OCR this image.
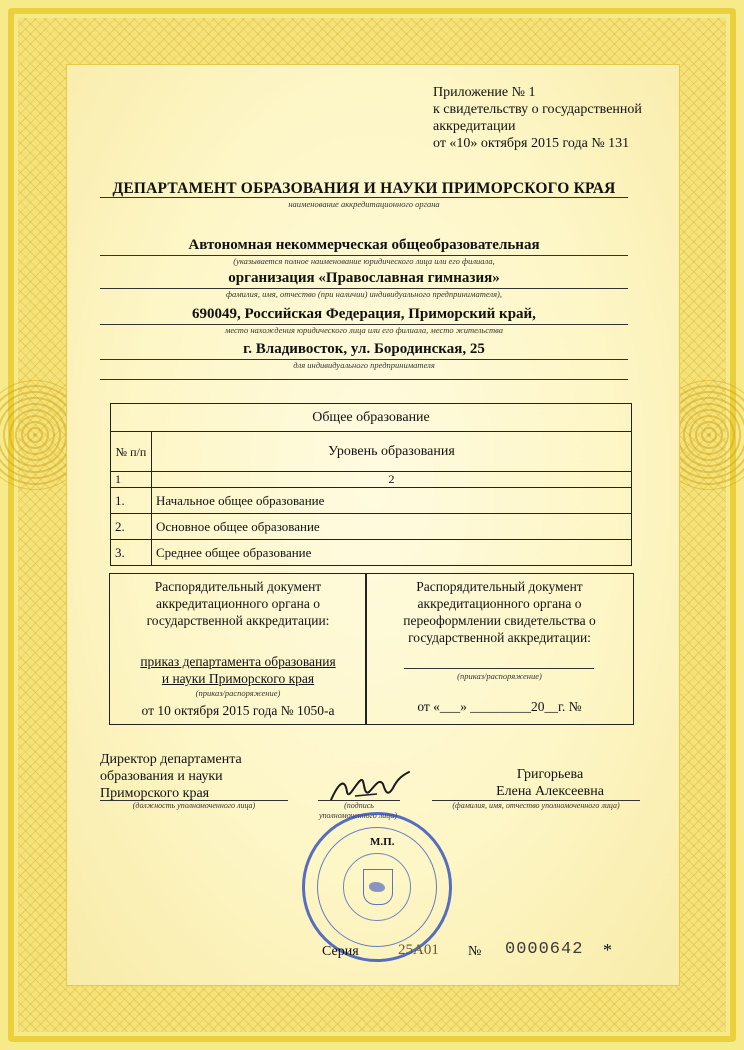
Приложение № 1
к свидетельству о государственной
аккредитации
от «10» октября 2015 года № 131
ДЕПАРТАМЕНТ ОБРАЗОВАНИЯ И НАУКИ ПРИМОРСКОГО КРАЯ
наименование аккредитационного органа
Автономная некоммерческая общеобразовательная
(указывается полное наименование юридического лица или его филиала,
организация «Православная гимназия»
фамилия, имя, отчество (при наличии) индивидуального предпринимателя),
690049, Российская Федерация, Приморский край,
место нахождения юридического лица или его филиала, место жительства
г. Владивосток, ул. Бородинская, 25
для индивидуального предпринимателя
Общее образование	
№ п/п	Уровень образования
1	2
1.	Начальное общее образование
2.	Основное общее образование
3.	Среднее общее образование
Распорядительный документ аккредитационного органа о государственной аккредитации:
приказ департамента образования
и науки Приморского края
(приказ/распоряжение)
от 10 октября 2015 года № 1050-а
Распорядительный документ аккредитационного органа о переоформлении свидетельства о государственной аккредитации:
(приказ/распоряжение)
от «___» _________20__г. №
Директор департамента
образования и науки
Приморского края
(должность уполномоченного лица)	(подпись
уполномоченного лица)
М.П.
Григорьева
Елена Алексеевна
(фамилия, имя, отчество уполномоченного лица)
Серия	25А01 № 0000642 *
